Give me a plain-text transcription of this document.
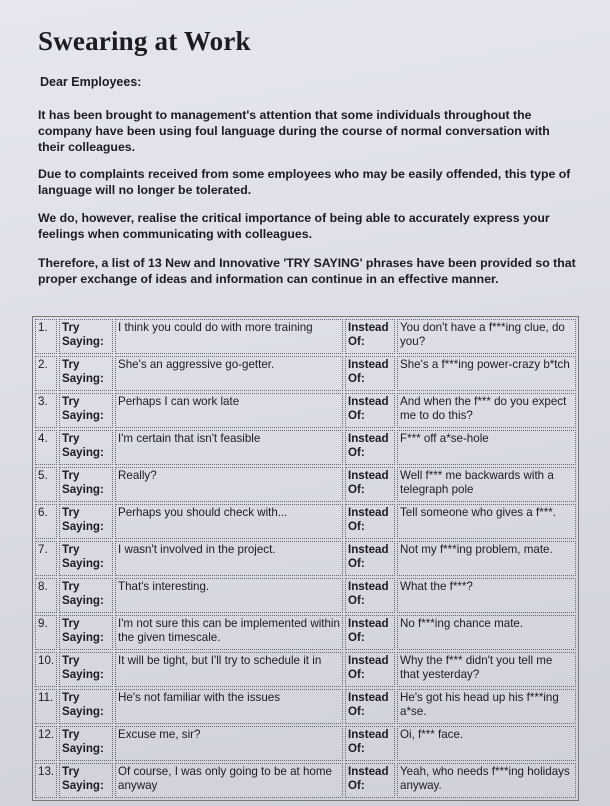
Swearing at Work
Dear Employees:
It has been brought to management's attention that some individuals throughout the company have been using foul language during the course of normal conversation with their colleagues.
Due to complaints received from some employees who may be easily offended, this type of language will no longer be tolerated.
We do, however, realise the critical importance of being able to accurately express your feelings when communicating with colleagues.
Therefore, a list of 13 New and Innovative 'TRY SAYING' phrases have been provided so that proper exchange of ideas and information can continue in an effective manner.
1.	Try Saying:	I think you could do with more training	Instead Of:	You don't have a f***ing clue, do you?
2.	Try Saying:	She's an aggressive go-getter.	Instead Of:	She's a f***ing power-crazy b*tch
3.	Try Saying:	Perhaps I can work late	Instead Of:	And when the f*** do you expect me to do this?
4.	Try Saying:	I'm certain that isn't feasible	Instead Of:	F*** off a*se-hole
5.	Try Saying:	Really?	Instead Of:	Well f*** me backwards with a telegraph pole
6.	Try Saying:	Perhaps you should check with...	Instead Of:	Tell someone who gives a f***.
7.	Try Saying:	I wasn't involved in the project.	Instead Of:	Not my f***ing problem, mate.
8.	Try Saying:	That's interesting.	Instead Of:	What the f***?
9.	Try Saying:	I'm not sure this can be implemented within the given timescale.	Instead Of:	No f***ing chance mate.
10.	Try Saying:	It will be tight, but I'll try to schedule it in	Instead Of:	Why the f*** didn't you tell me that yesterday?
11.	Try Saying:	He's not familiar with the issues	Instead Of:	He's got his head up his f***ing a*se.
12.	Try Saying:	Excuse me, sir?	Instead Of:	Oi, f*** face.
13.	Try Saying:	Of course, I was only going to be at home anyway	Instead Of:	Yeah, who needs f***ing holidays anyway.
